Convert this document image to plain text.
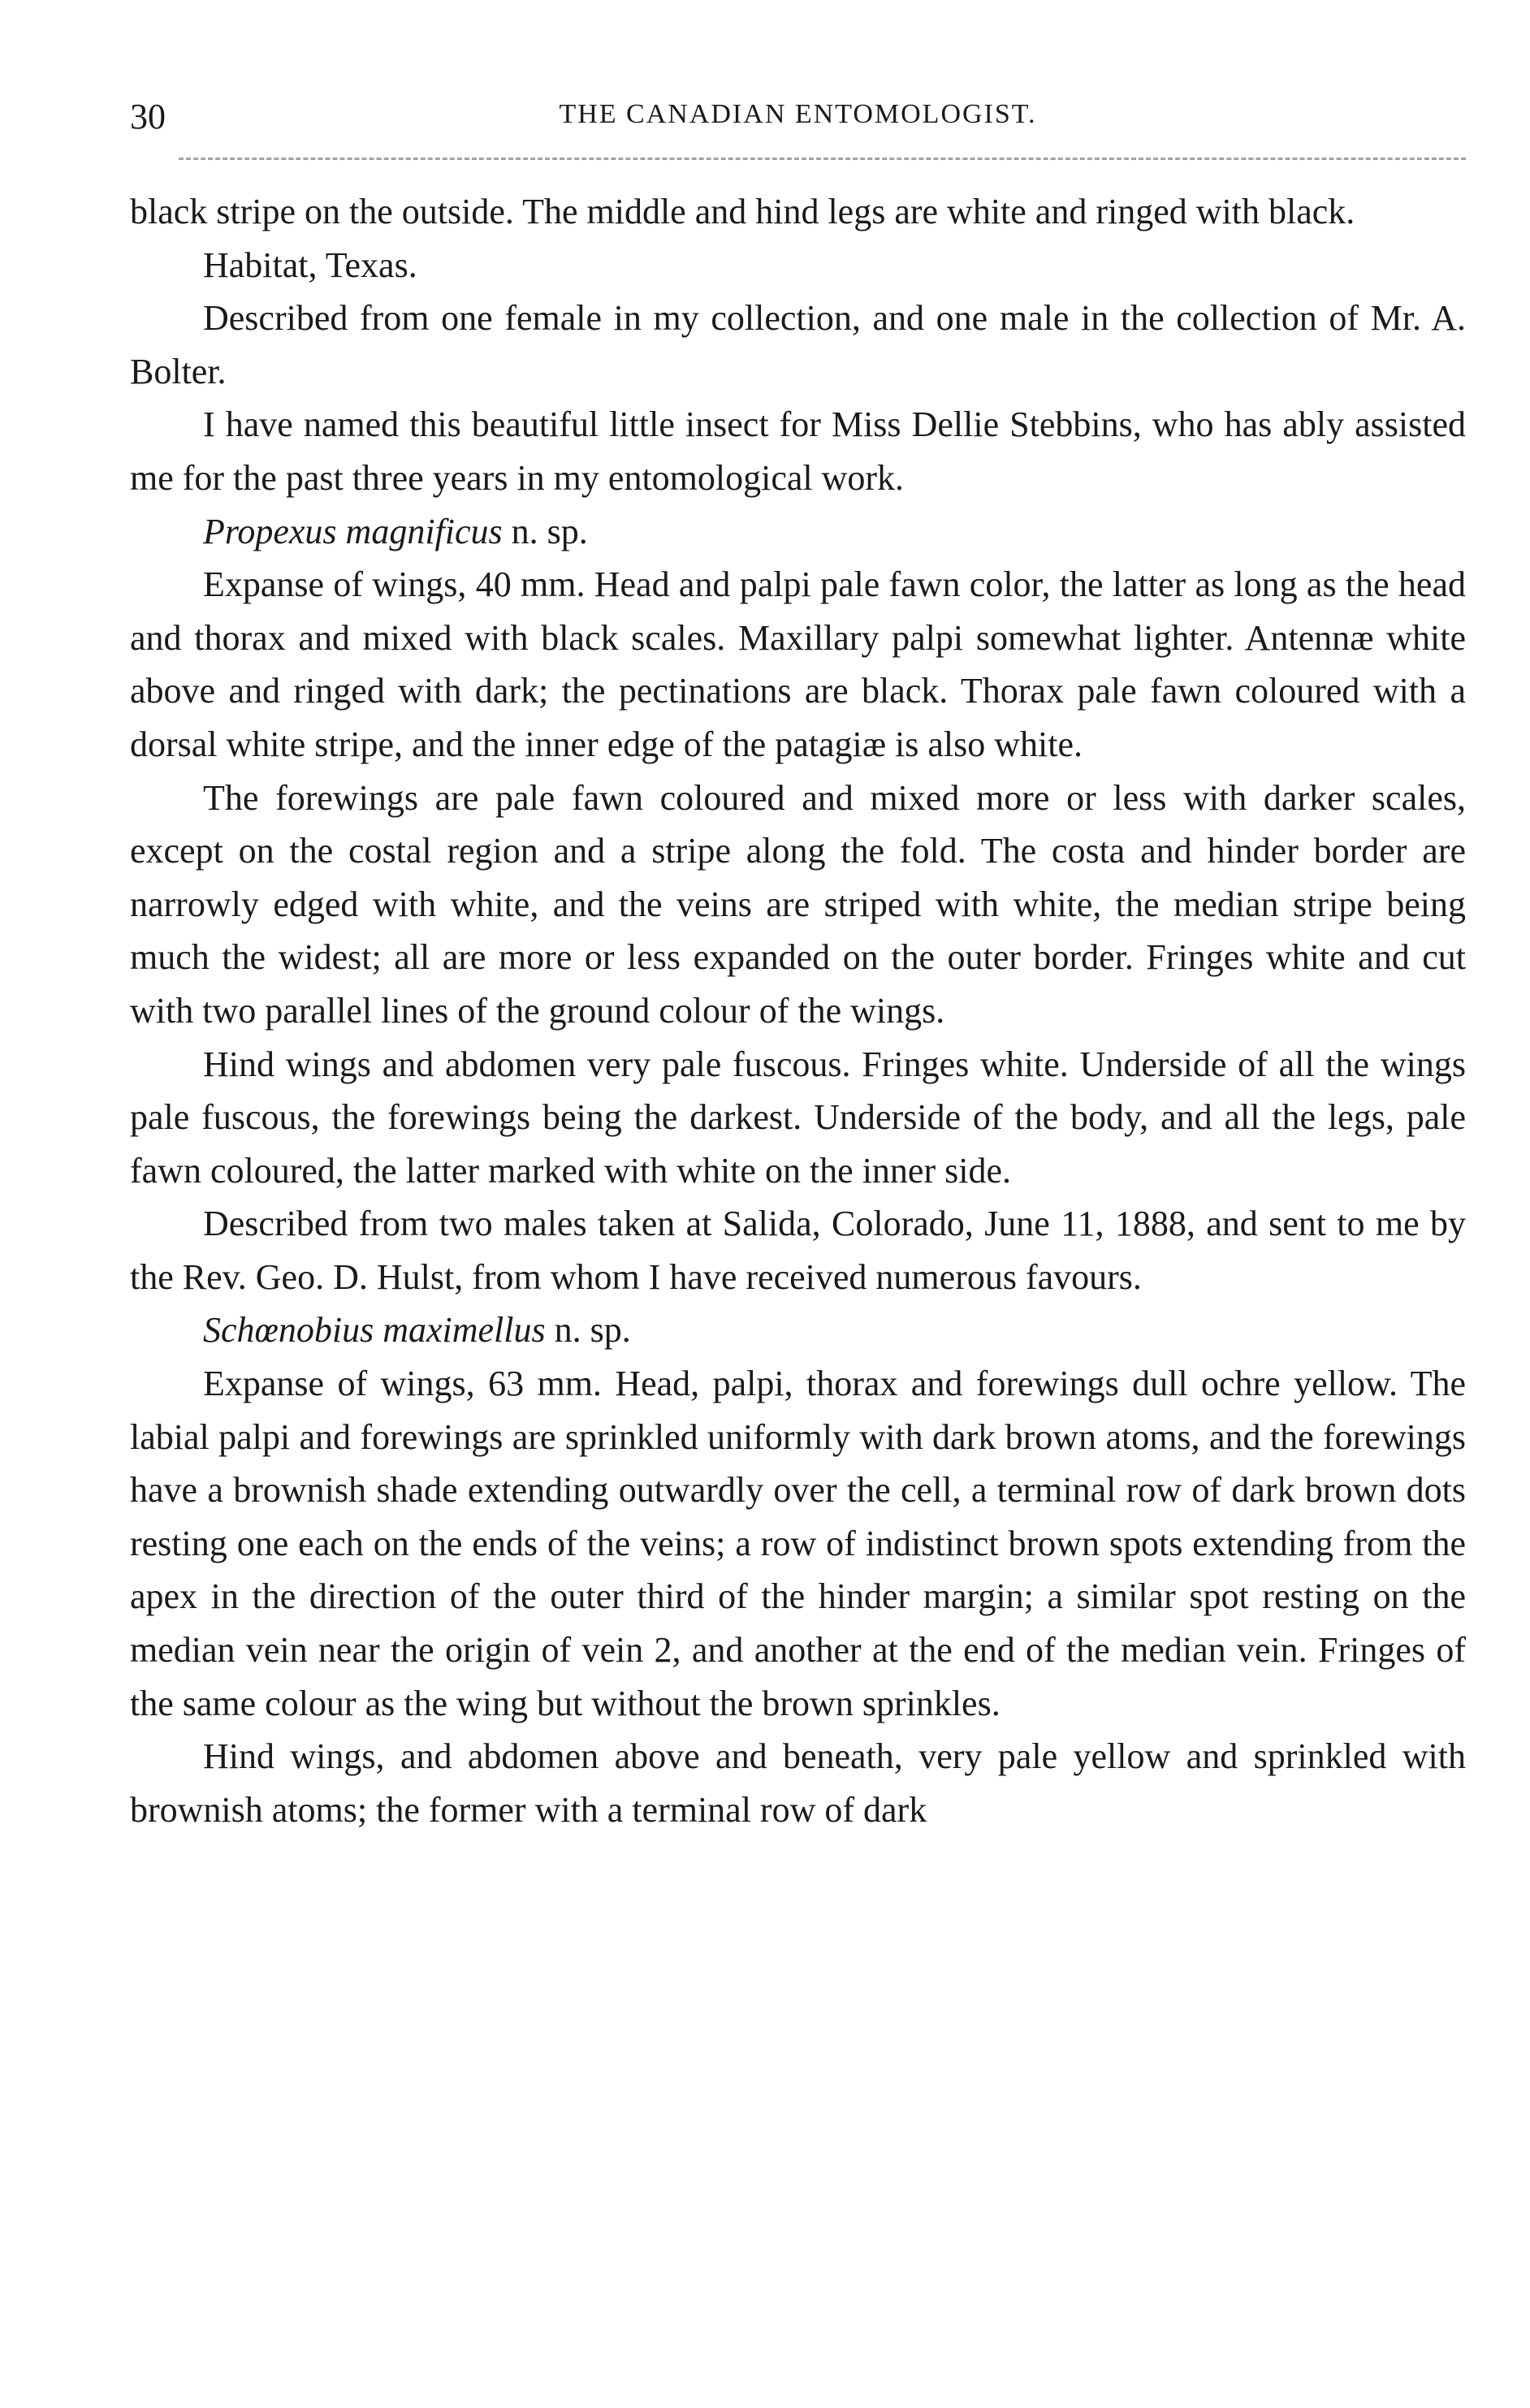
30	THE CANADIAN ENTOMOLOGIST.

black stripe on the outside. The middle and hind legs are white and ringed with black.

Habitat, Texas.

Described from one female in my collection, and one male in the collection of Mr. A. Bolter.

I have named this beautiful little insect for Miss Dellie Stebbins, who has ably assisted me for the past three years in my entomological work.

Propexus magnificus n. sp.

Expanse of wings, 40 mm. Head and palpi pale fawn color, the latter as long as the head and thorax and mixed with black scales. Maxillary palpi somewhat lighter. Antennæ white above and ringed with dark; the pectinations are black. Thorax pale fawn coloured with a dorsal white stripe, and the inner edge of the patagiæ is also white.

The forewings are pale fawn coloured and mixed more or less with darker scales, except on the costal region and a stripe along the fold. The costa and hinder border are narrowly edged with white, and the veins are striped with white, the median stripe being much the widest; all are more or less expanded on the outer border. Fringes white and cut with two parallel lines of the ground colour of the wings.

Hind wings and abdomen very pale fuscous. Fringes white. Underside of all the wings pale fuscous, the forewings being the darkest. Underside of the body, and all the legs, pale fawn coloured, the latter marked with white on the inner side.

Described from two males taken at Salida, Colorado, June 11, 1888, and sent to me by the Rev. Geo. D. Hulst, from whom I have received numerous favours.

Schœnobius maximellus n. sp.

Expanse of wings, 63 mm. Head, palpi, thorax and forewings dull ochre yellow. The labial palpi and forewings are sprinkled uniformly with dark brown atoms, and the forewings have a brownish shade extending outwardly over the cell, a terminal row of dark brown dots resting one each on the ends of the veins; a row of indistinct brown spots extending from the apex in the direction of the outer third of the hinder margin; a similar spot resting on the median vein near the origin of vein 2, and another at the end of the median vein. Fringes of the same colour as the wing but without the brown sprinkles.

Hind wings, and abdomen above and beneath, very pale yellow and sprinkled with brownish atoms; the former with a terminal row of dark
